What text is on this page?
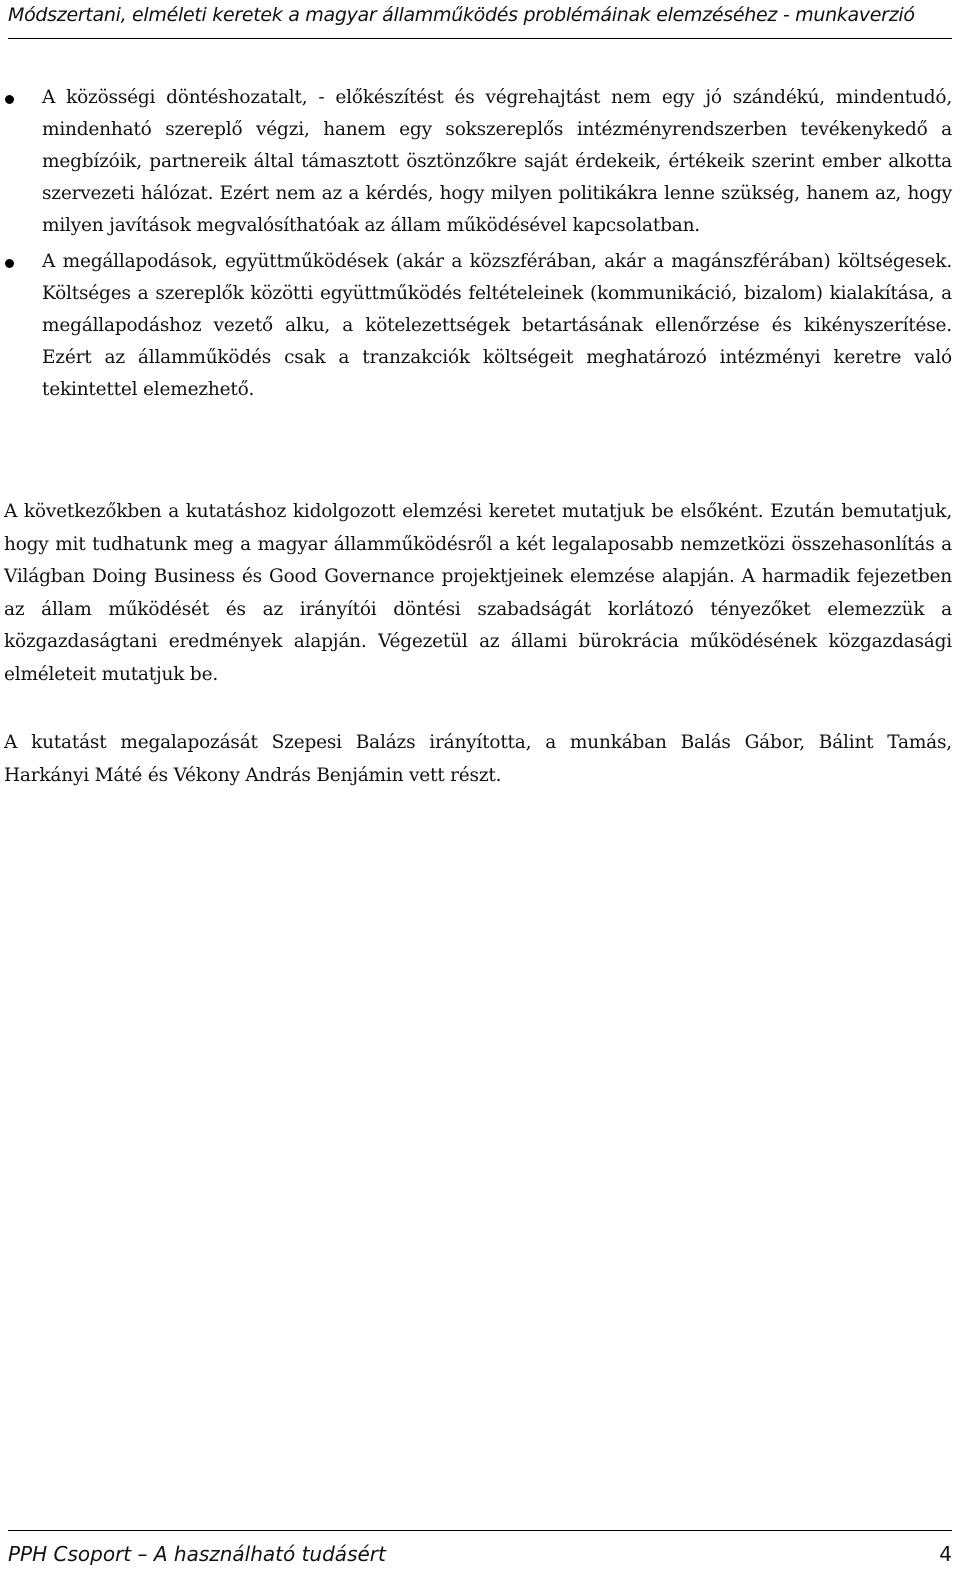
Módszertani, elméleti keretek a magyar államműködés problémáinak elemzéséhez - munkaverzió
A közösségi döntéshozatalt, - előkészítést és végrehajtást nem egy jó szándékú, mindentudó, mindenható szereplő végzi, hanem egy sokszereplős intézményrendszerben tevékenykedő a megbízóik, partnereik által támasztott ösztönzőkre saját érdekeik, értékeik szerint ember alkotta szervezeti hálózat. Ezért nem az a kérdés, hogy milyen politikákra lenne szükség, hanem az, hogy milyen javítások megvalósíthatóak az állam működésével kapcsolatban.
A megállapodások, együttműködések (akár a közszférában, akár a magánszférában) költségesek. Költséges a szereplők közötti együttműködés feltételeinek (kommunikáció, bizalom) kialakítása, a megállapodáshoz vezető alku, a kötelezettségek betartásának ellenőrzése és kikényszerítése. Ezért az államműködés csak a tranzakciók költségeit meghatározó intézményi keretre való tekintettel elemezhető.

A következőkben a kutatáshoz kidolgozott elemzési keretet mutatjuk be elsőként. Ezután bemutatjuk, hogy mit tudhatunk meg a magyar államműködésről a két legalaposabb nemzetközi összehasonlítás a Világban Doing Business és Good Governance projektjeinek elemzése alapján. A harmadik fejezetben az állam működését és az irányítói döntési szabadságát korlátozó tényezőket elemezzük a közgazdaságtani eredmények alapján. Végezetül az állami bürokrácia működésének közgazdasági elméleteit mutatjuk be.

A kutatást megalapozását Szepesi Balázs irányította, a munkában Balás Gábor, Bálint Tamás, Harkányi Máté és Vékony András Benjámin vett részt.

PPH Csoport – A használható tudásért	4
